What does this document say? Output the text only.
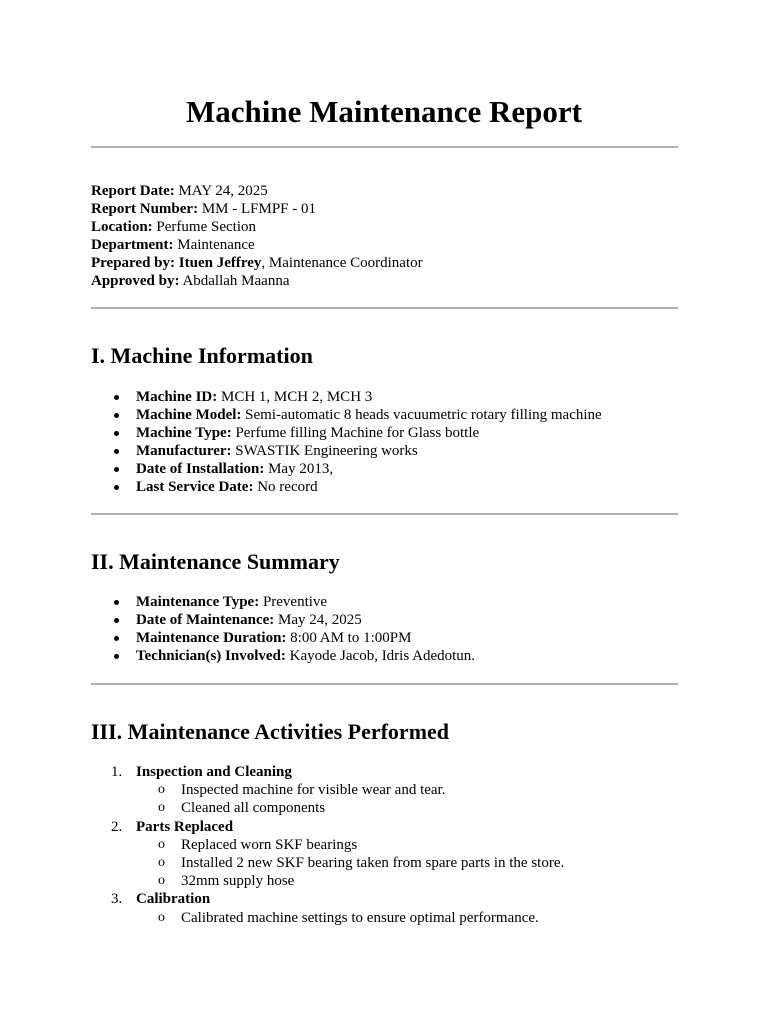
Machine Maintenance Report
Report Date: MAY 24, 2025
Report Number: MM - LFMPF - 01
Location: Perfume Section
Department: Maintenance
Prepared by: Ituen Jeffrey, Maintenance Coordinator
Approved by: Abdallah Maanna
I. Machine Information
Machine ID: MCH 1, MCH 2, MCH 3
Machine Model: Semi-automatic 8 heads vacuumetric rotary filling machine
Machine Type: Perfume filling Machine for Glass bottle
Manufacturer: SWASTIK Engineering works
Date of Installation: May 2013,
Last Service Date: No record
II. Maintenance Summary
Maintenance Type: Preventive
Date of Maintenance: May 24, 2025
Maintenance Duration: 8:00 AM to 1:00PM
Technician(s) Involved: Kayode Jacob, Idris Adedotun.
III. Maintenance Activities Performed
1. Inspection and Cleaning
o Inspected machine for visible wear and tear.
o Cleaned all components
2. Parts Replaced
o Replaced worn SKF bearings
o Installed 2 new SKF bearing taken from spare parts in the store.
o 32mm supply hose
3. Calibration
o Calibrated machine settings to ensure optimal performance.
